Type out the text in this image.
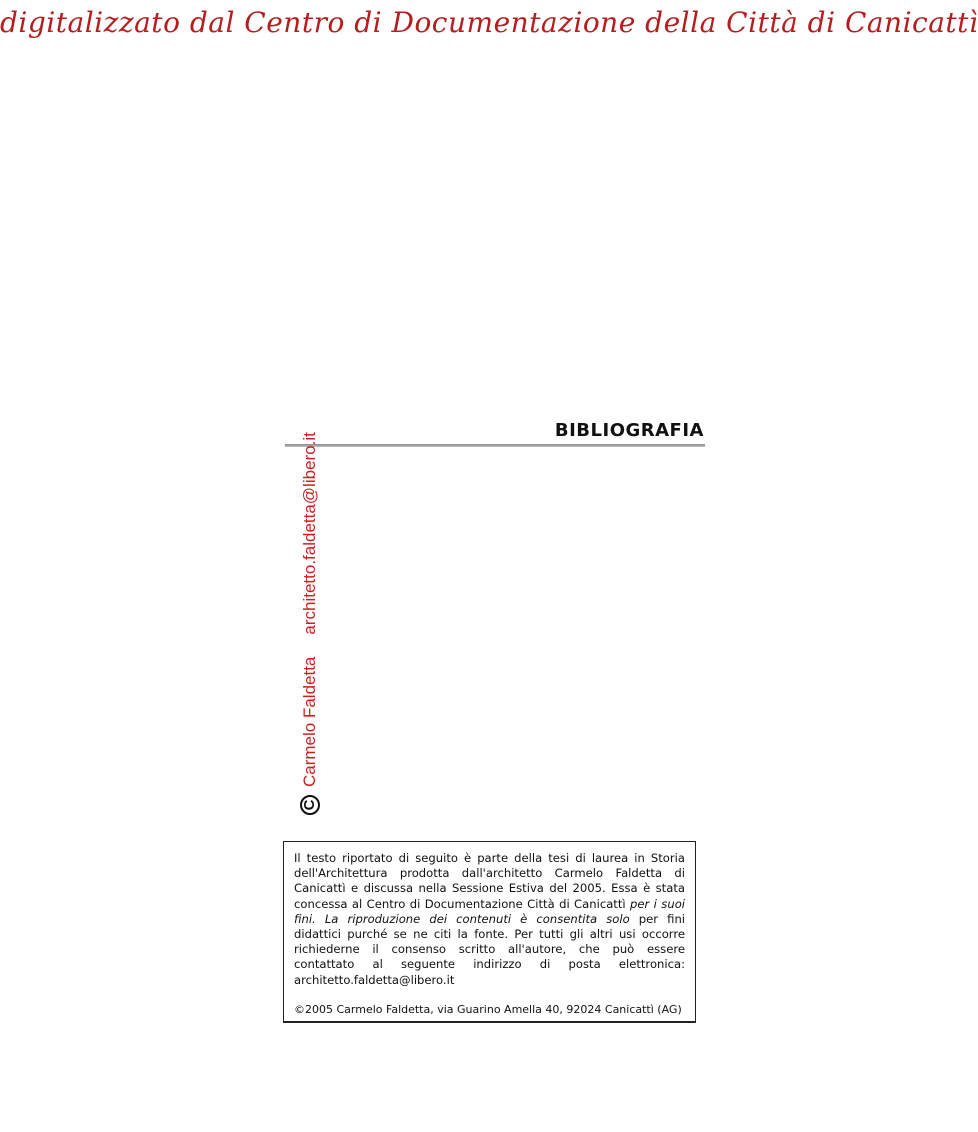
digitalizzato dal Centro di Documentazione della Città di Canicattì
BIBLIOGRAFIA
C
Carmelo Faldetta
architetto.faldetta@libero.it

Il testo riportato di seguito è parte della tesi di laurea in Storia dell'Architettura prodotta dall'architetto Carmelo Faldetta di Canicattì e discussa nella Sessione Estiva del 2005. Essa è stata concessa al Centro di Documentazione Città di Canicattì per i suoi fini. La riproduzione dei contenuti è consentita solo per fini didattici purché se ne citi la fonte. Per tutti gli altri usi occorre richiederne il consenso scritto all'autore, che può essere contattato al seguente indirizzo di posta elettronica: architetto.faldetta@libero.it

©2005 Carmelo Faldetta, via Guarino Amella 40, 92024 Canicattì (AG)
